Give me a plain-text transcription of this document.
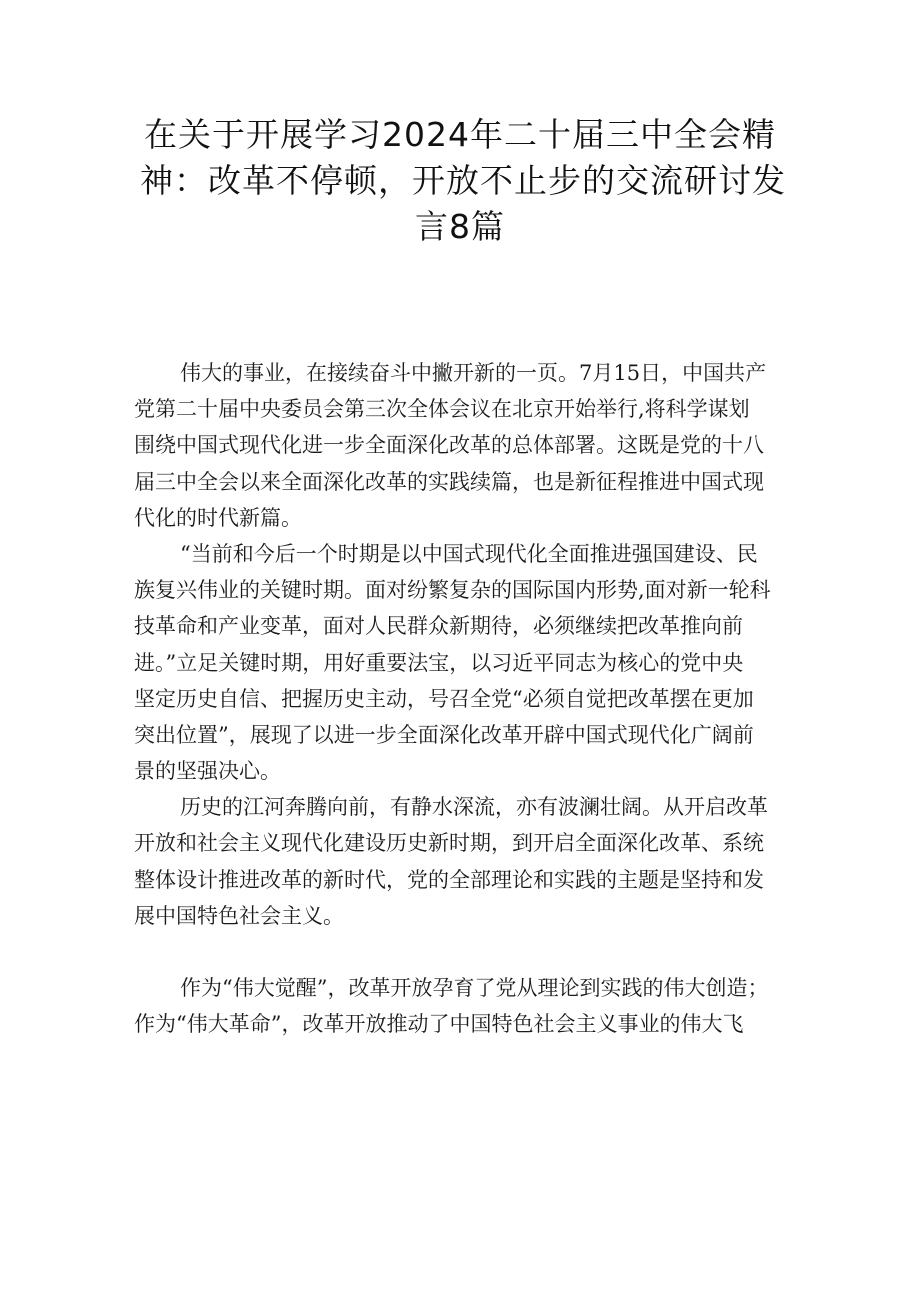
在关于开展学习2024年二十届三中全会精
神：改革不停顿，开放不止步的交流研讨发
言8篇
伟大的事业，在接续奋斗中撇开新的一页。7月15日，中国共产
党第二十届中央委员会第三次全体会议在北京开始举行,将科学谋划
围绕中国式现代化进一步全面深化改革的总体部署。这既是党的十八
届三中全会以来全面深化改革的实践续篇，也是新征程推进中国式现
代化的时代新篇。
“当前和今后一个时期是以中国式现代化全面推进强国建设、民
族复兴伟业的关键时期。面对纷繁复杂的国际国内形势,面对新一轮科
技革命和产业变革，面对人民群众新期待，必须继续把改革推向前
进。”立足关键时期，用好重要法宝，以习近平同志为核心的党中央
坚定历史自信、把握历史主动，号召全党“必须自觉把改革摆在更加
突出位置”，展现了以进一步全面深化改革开辟中国式现代化广阔前
景的坚强决心。
历史的江河奔腾向前，有静水深流，亦有波澜壮阔。从开启改革
开放和社会主义现代化建设历史新时期，到开启全面深化改革、系统
整体设计推进改革的新时代，党的全部理论和实践的主题是坚持和发
展中国特色社会主义。
作为“伟大觉醒”，改革开放孕育了党从理论到实践的伟大创造；
作为“伟大革命”，改革开放推动了中国特色社会主义事业的伟大飞
